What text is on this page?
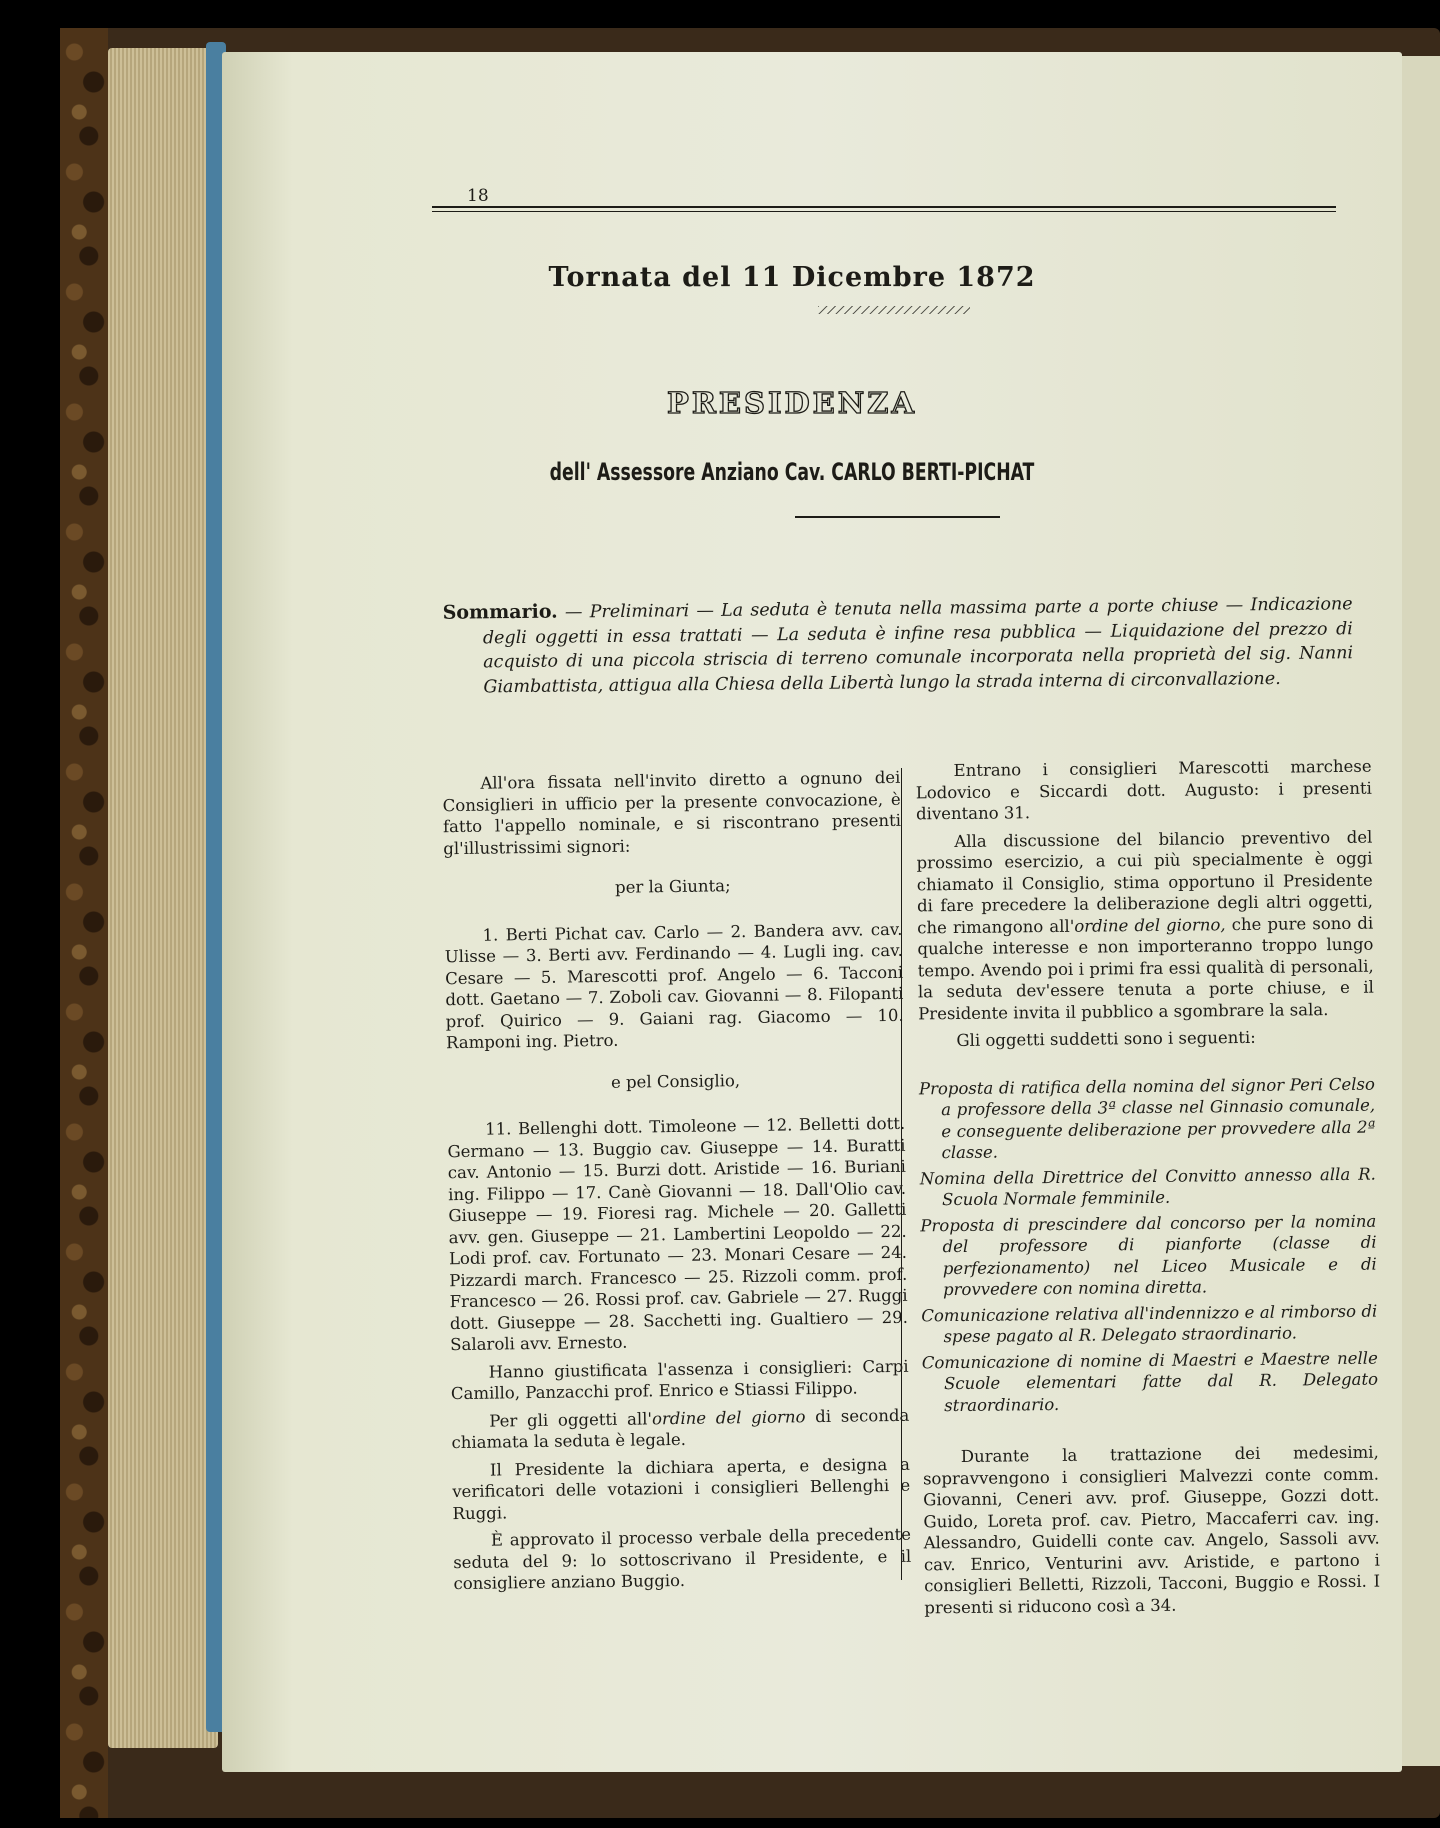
18
Tornata del 11 Dicembre 1872
PRESIDENZA
dell' Assessore Anziano Cav. CARLO BERTI-PICHAT
Sommario. — Preliminari — La seduta è tenuta nella massima parte a porte chiuse — Indicazione degli oggetti in essa trattati — La seduta è infine resa pubblica — Liquidazione del prezzo di acquisto di una piccola striscia di terreno comunale incorporata nella proprietà del sig. Nanni Giambattista, attigua alla Chiesa della Libertà lungo la strada interna di circonvallazione.

All'ora fissata nell'invito diretto a ognuno dei Consiglieri in ufficio per la presente convocazione, è fatto l'appello nominale, e si riscontrano presenti gl'illustrissimi signori:

per la Giunta;

1. Berti Pichat cav. Carlo — 2. Bandera avv. cav. Ulisse — 3. Berti avv. Ferdinando — 4. Lugli ing. cav. Cesare — 5. Marescotti prof. Angelo — 6. Tacconi dott. Gaetano — 7. Zoboli cav. Giovanni — 8. Filopanti prof. Quirico — 9. Gaiani rag. Giacomo — 10. Ramponi ing. Pietro.

e pel Consiglio,

11. Bellenghi dott. Timoleone — 12. Belletti dott. Germano — 13. Buggio cav. Giuseppe — 14. Buratti cav. Antonio — 15. Burzi dott. Aristide — 16. Buriani ing. Filippo — 17. Canè Giovanni — 18. Dall'Olio cav. Giuseppe — 19. Fioresi rag. Michele — 20. Galletti avv. gen. Giuseppe — 21. Lambertini Leopoldo — 22. Lodi prof. cav. Fortunato — 23. Monari Cesare — 24. Pizzardi march. Francesco — 25. Rizzoli comm. prof. Francesco — 26. Rossi prof. cav. Gabriele — 27. Ruggi dott. Giuseppe — 28. Sacchetti ing. Gualtiero — 29. Salaroli avv. Ernesto.

Hanno giustificata l'assenza i consiglieri: Carpi Camillo, Panzacchi prof. Enrico e Stiassi Filippo.

Per gli oggetti all'ordine del giorno di seconda chiamata la seduta è legale.

Il Presidente la dichiara aperta, e designa a verificatori delle votazioni i consiglieri Bellenghi e Ruggi.

È approvato il processo verbale della precedente seduta del 9: lo sottoscrivano il Presidente, e il consigliere anziano Buggio.

Entrano i consiglieri Marescotti marchese Lodovico e Siccardi dott. Augusto: i presenti diventano 31.

Alla discussione del bilancio preventivo del prossimo esercizio, a cui più specialmente è oggi chiamato il Consiglio, stima opportuno il Presidente di fare precedere la deliberazione degli altri oggetti, che rimangono all'ordine del giorno, che pure sono di qualche interesse e non importeranno troppo lungo tempo. Avendo poi i primi fra essi qualità di personali, la seduta dev'essere tenuta a porte chiuse, e il Presidente invita il pubblico a sgombrare la sala.

Gli oggetti suddetti sono i seguenti:

Proposta di ratifica della nomina del signor Peri Celso a professore della 3ª classe nel Ginnasio comunale, e conseguente deliberazione per provvedere alla 2ª classe.

Nomina della Direttrice del Convitto annesso alla R. Scuola Normale femminile.

Proposta di prescindere dal concorso per la nomina del professore di pianforte (classe di perfezionamento) nel Liceo Musicale e di provvedere con nomina diretta.

Comunicazione relativa all'indennizzo e al rimborso di spese pagato al R. Delegato straordinario.

Comunicazione di nomine di Maestri e Maestre nelle Scuole elementari fatte dal R. Delegato straordinario.

Durante la trattazione dei medesimi, sopravvengono i consiglieri Malvezzi conte comm. Giovanni, Ceneri avv. prof. Giuseppe, Gozzi dott. Guido, Loreta prof. cav. Pietro, Maccaferri cav. ing. Alessandro, Guidelli conte cav. Angelo, Sassoli avv. cav. Enrico, Venturini avv. Aristide, e partono i consiglieri Belletti, Rizzoli, Tacconi, Buggio e Rossi. I presenti si riducono così a 34.
